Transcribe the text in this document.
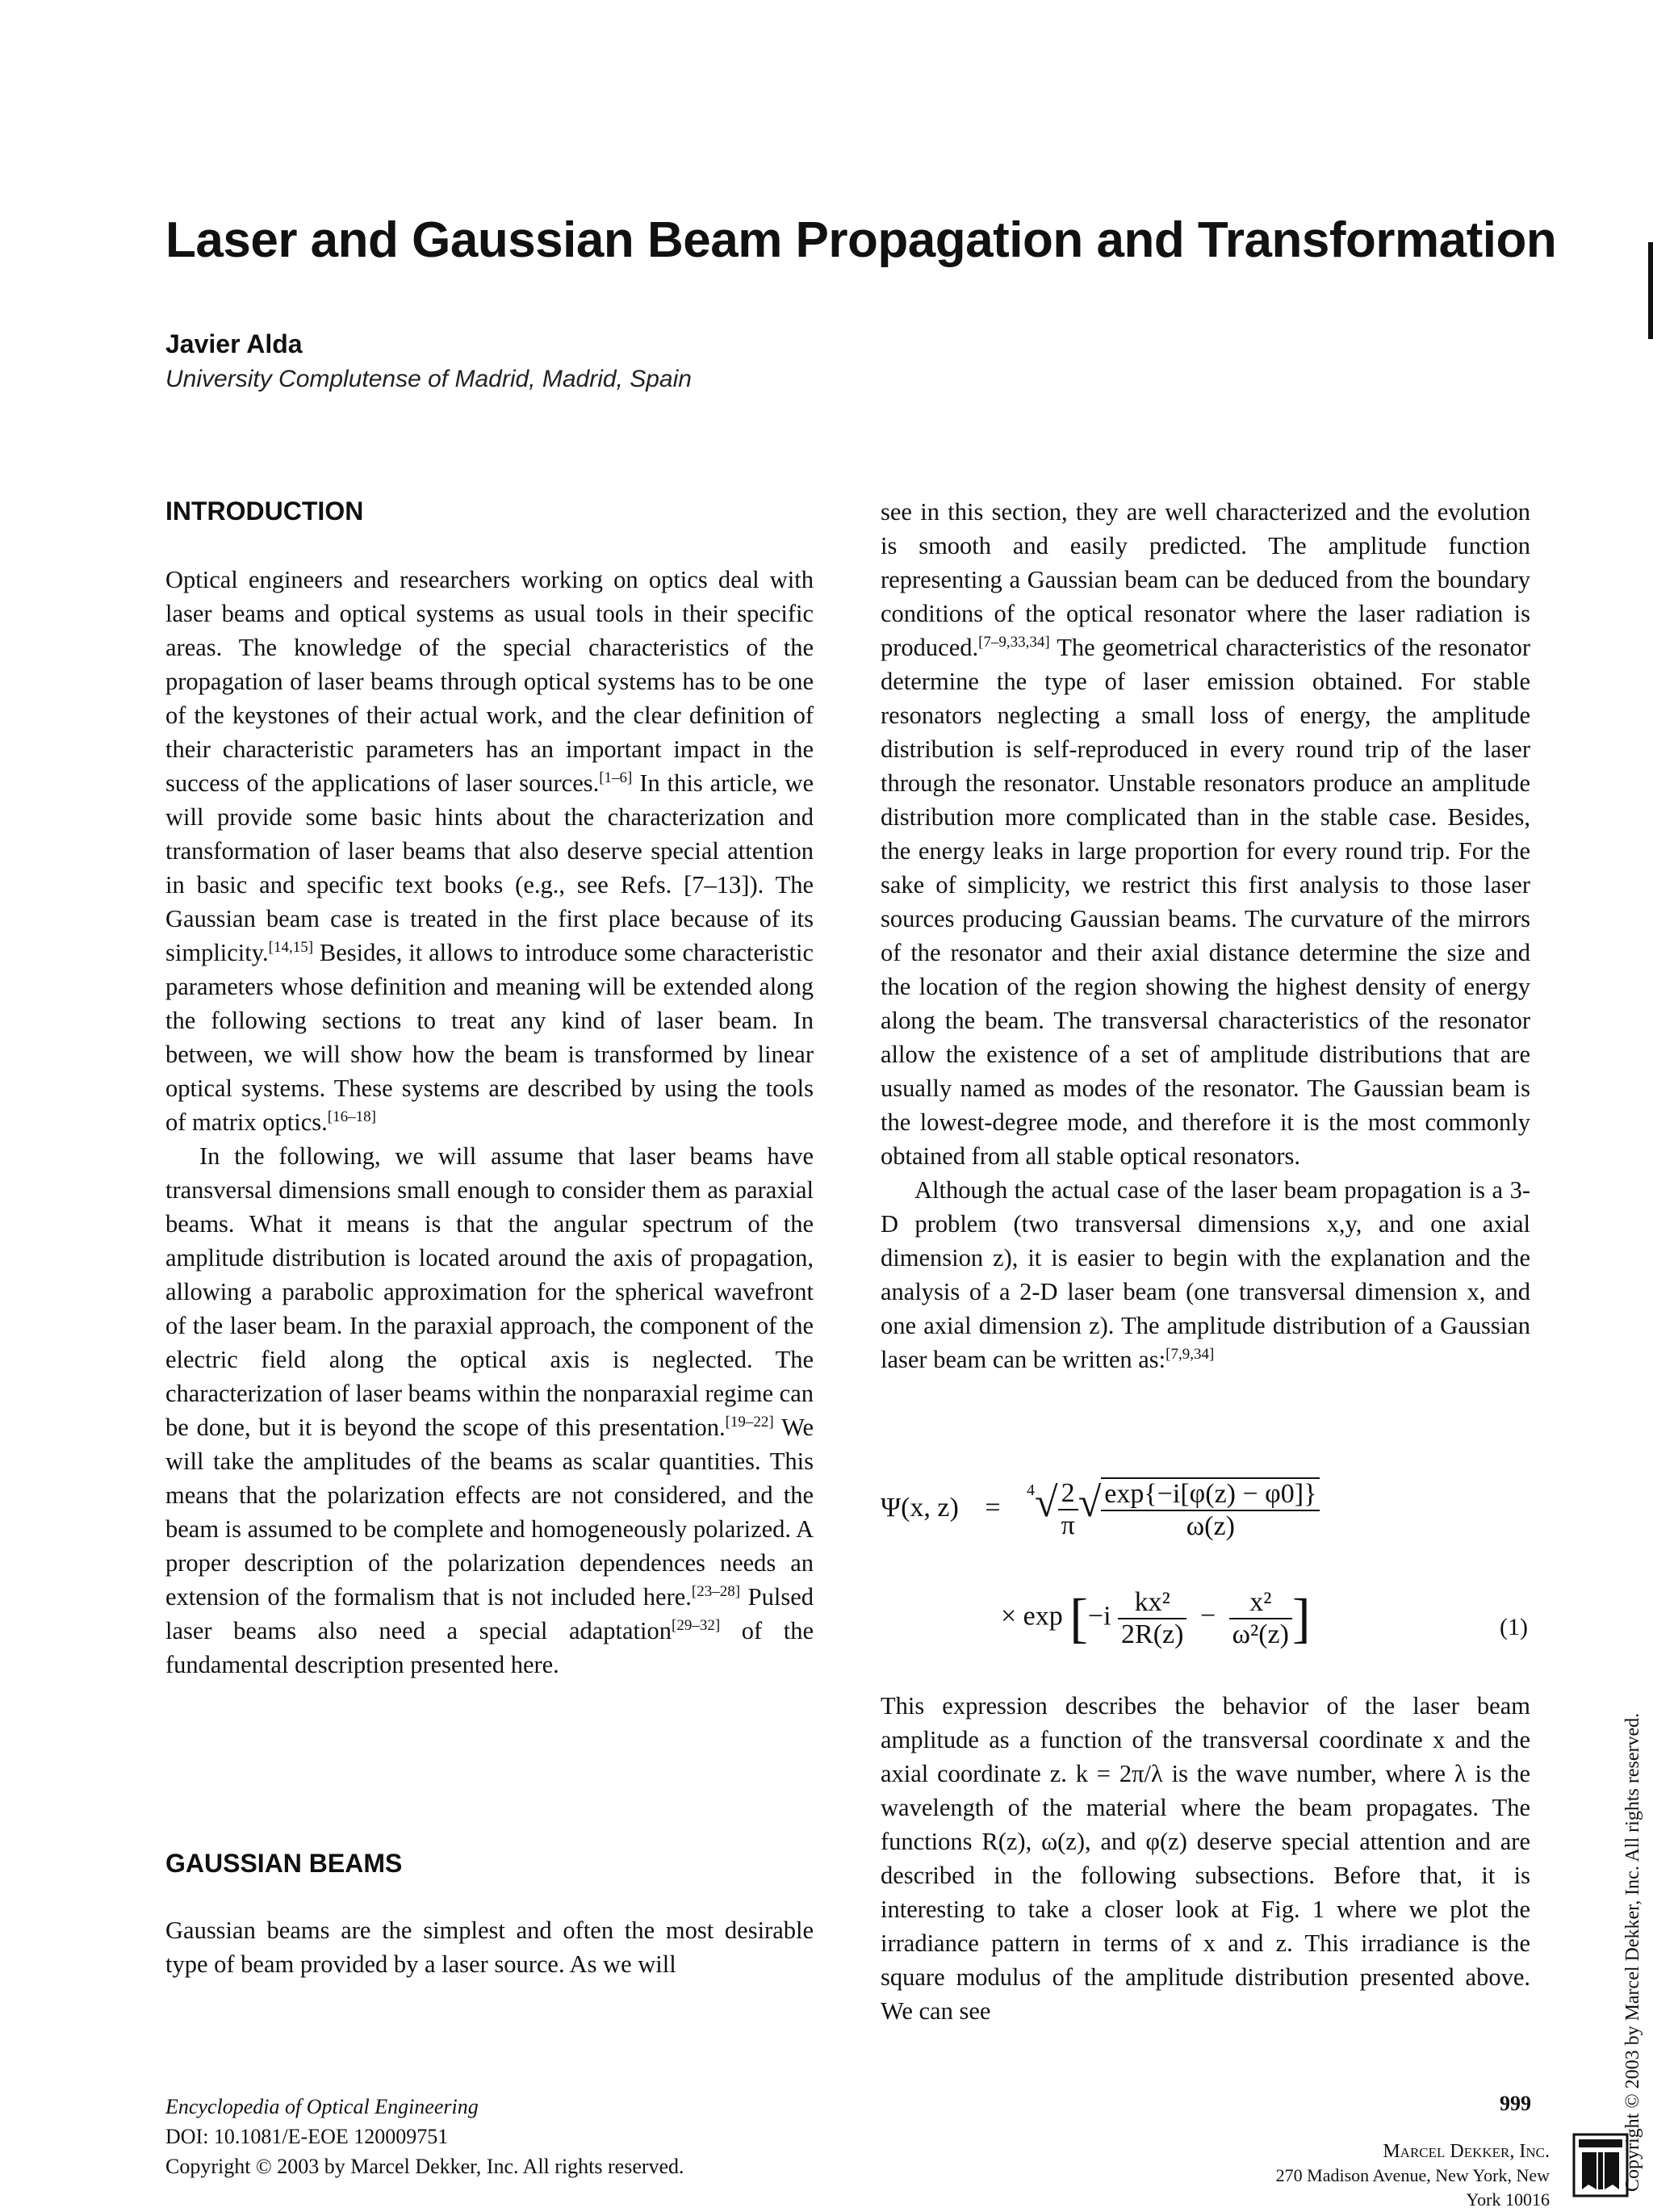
Laser and Gaussian Beam Propagation and Transformation
Javier Alda
University Complutense of Madrid, Madrid, Spain
INTRODUCTION

Optical engineers and researchers working on optics deal with laser beams and optical systems as usual tools in their specific areas. The knowledge of the special characteristics of the propagation of laser beams through optical systems has to be one of the keystones of their actual work, and the clear definition of their characteristic parameters has an important impact in the success of the applications of laser sources.[1–6] In this article, we will provide some basic hints about the characterization and transformation of laser beams that also deserve special attention in basic and specific text books (e.g., see Refs. [7–13]). The Gaussian beam case is treated in the first place because of its simplicity.[14,15] Besides, it allows to introduce some characteristic parameters whose definition and meaning will be extended along the following sections to treat any kind of laser beam. In between, we will show how the beam is transformed by linear optical systems. These systems are described by using the tools of matrix optics.[16–18]

In the following, we will assume that laser beams have transversal dimensions small enough to consider them as paraxial beams. What it means is that the angular spectrum of the amplitude distribution is located around the axis of propagation, allowing a parabolic approximation for the spherical wavefront of the laser beam. In the paraxial approach, the component of the electric field along the optical axis is neglected. The characterization of laser beams within the nonparaxial regime can be done, but it is beyond the scope of this presentation.[19–22] We will take the amplitudes of the beams as scalar quantities. This means that the polarization effects are not considered, and the beam is assumed to be complete and homogeneously polarized. A proper description of the polarization dependences needs an extension of the formalism that is not included here.[23–28] Pulsed laser beams also need a special adaptation[29–32] of the fundamental description presented here.

GAUSSIAN BEAMS

Gaussian beams are the simplest and often the most desirable type of beam provided by a laser source. As we will

see in this section, they are well characterized and the evolution is smooth and easily predicted. The amplitude function representing a Gaussian beam can be deduced from the boundary conditions of the optical resonator where the laser radiation is produced.[7–9,33,34] The geometrical characteristics of the resonator determine the type of laser emission obtained. For stable resonators neglecting a small loss of energy, the amplitude distribution is self-reproduced in every round trip of the laser through the resonator. Unstable resonators produce an amplitude distribution more complicated than in the stable case. Besides, the energy leaks in large proportion for every round trip. For the sake of simplicity, we restrict this first analysis to those laser sources producing Gaussian beams. The curvature of the mirrors of the resonator and their axial distance determine the size and the location of the region showing the highest density of energy along the beam. The transversal characteristics of the resonator allow the existence of a set of amplitude distributions that are usually named as modes of the resonator. The Gaussian beam is the lowest-degree mode, and therefore it is the most commonly obtained from all stable optical resonators.

Although the actual case of the laser beam propagation is a 3-D problem (two transversal dimensions x,y, and one axial dimension z), it is easier to begin with the explanation and the analysis of a 2-D laser beam (one transversal dimension x, and one axial dimension z). The amplitude distribution of a Gaussian laser beam can be written as:[7,9,34]

Ψ(x, $z) = ^4√ \frac{2}{\pi}$ √ $\frac{\exp\{-i[\varphi(z) - \varphi 0]\}}{\omega(z)}$
× $\exp [-i \frac{\text{kx²}}{2R(z)} - \frac{\text{x²}}{\text{ω²(z)}}$ ]	(1)

This expression describes the behavior of the laser beam amplitude as a function of the transversal coordinate x and the axial coordinate z. k = 2π/λ is the wave number, where λ is the wavelength of the material where the beam propagates. The functions R(z), ω(z), and φ(z) deserve special attention and are described in the following subsections. Before that, it is interesting to take a closer look at Fig. 1 where we plot the irradiance pattern in terms of x and z. This irradiance is the square modulus of the amplitude distribution presented above. We can see

Encyclopedia of Optical Engineering
DOI: 10.1081/E-EOE 120009751
Copyright © 2003 by Marcel Dekker, Inc. All rights reserved.
999
Marcel Dekker, Inc.
270 Madison Avenue, New York, New York 10016
Copyright © 2003 by Marcel Dekker, Inc. All rights reserved.
